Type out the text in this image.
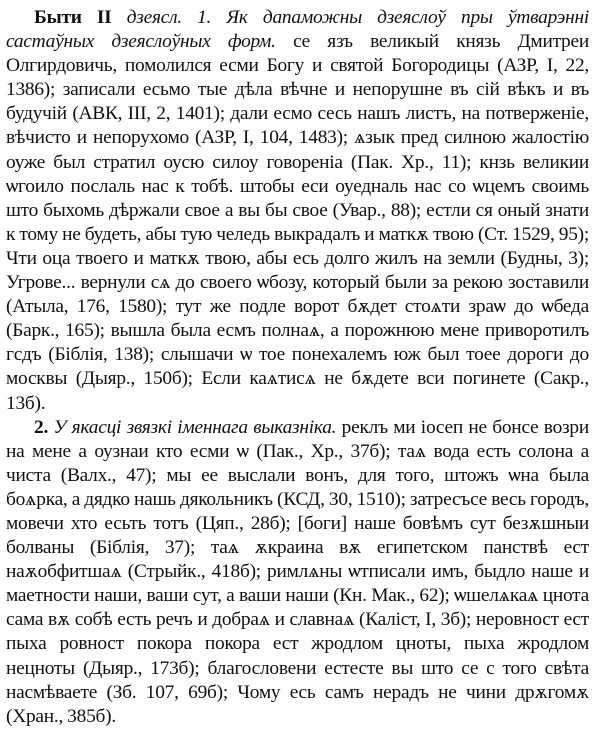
Быти II дзеясл. 1. Як дапаможны дзеяслоў пры ўтварэнні састаўных дзеяслоўных форм. се язъ великый князь Дмитреи Олгирдовичь, помолился есми Богу и святой Богородицы (АЗР, I, 22, 1386); записали есьмо тые дѣла вѣчне и непорушне въ сій вѣкъ и въ будучій (АВК, III, 2, 1401); дали есмо сесь нашъ листъ, на потверженіе, вѣчисто и непорухомо (АЗР, I, 104, 1483); ѧзык пред силною жалостію оуже был стратил оусю силоу говореніа (Пак. Хр., 11); кнзь великии ѡгоило послаль нас к тобѣ. штобы еси оуедналь нас со ѡцемъ своимь што быхомь дѣржали свое а вы бы свое (Увар., 88); естли ся оный знати к тому не будеть, абы тую челедь выкрадалъ и маткѫ твою (Ст. 1529, 95); Чти оца твоего и маткѫ твою, абы есь долго жилъ на земли (Будны, 3); Угрове... вернули сѧ до своего ѡбозу, который были за рекою зоставили (Атыла, 176, 1580); тут же подле ворот бѫдет стоѧти зраѡ до ѡбеда (Барк., 165); вышла была есмъ полнаѧ, а порожнюю мене приворотилъ гсдъ (Біблія, 138); слышачи ѡ тое понехалемъ юж был тоее дороги до москвы (Дыяр., 150б); Если каѧтисѧ не бѫдете вси погинете (Сакр., 13б).

2. У якасці звязкі іменнага выказніка. реклъ ми іосеп не бонсе возри на мене а оузнаи кто есми ѡ (Пак., Хр., 37б); таѧ вода есть солона а чиста (Валх., 47); мы ее выслали вонъ, для того, штожъ ѡна была боѧрка, а дядко нашь дякольникъ (КСД, 30, 1510); затресъсе весь городъ, мовечи хто есьть тотъ (Цяп., 28б); [боги] наше бовѣмъ сут безѫшныи болваны (Біблія, 37); таѧ ѫкраина вѫ египетском панствѣ ест наѫобфитшаѧ (Стрыйк., 418б); римлѧны ѡтписали имъ, быдло наше и маетности наши, ваши сут, а ваши наши (Кн. Мак., 62); ѡшелѧкаѧ цнота сама вѫ собѣ есть речъ и добраѧ и славнаѧ (Каліст, I, 3б); неровност ест пыха ровност покора покора ест жродлом цноты, пыха жродлом нецноты (Дыяр., 173б); благословени естесте вы што се с того свѣта насмѣваете (Зб. 107, 69б); Чому есь самъ нерадъ не чини дрѫгомѫ (Хран., 385б).
